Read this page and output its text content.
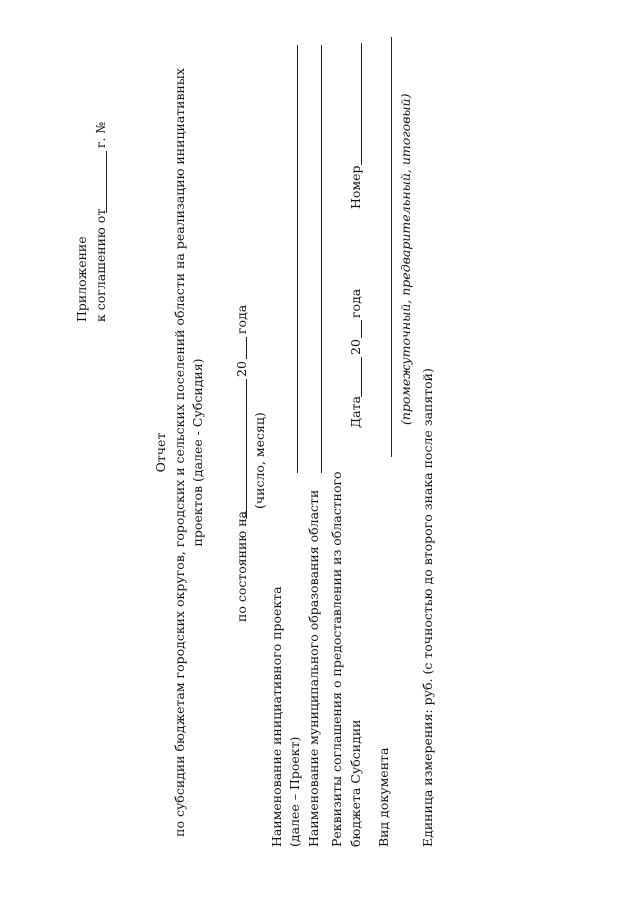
Приложение к соглашению от
г. №
Отчет по субсидии бюджетам городских округов, городских и сельских поселений области на реализацию инициативных проектов (далее - Субсидия)
по состоянию на
20
года
(число, месяц)
Наименование инициативного проекта (далее – Проект) Наименование муниципального образования области Реквизиты соглашения о предоставлении из областного бюджета Субсидии
Дата
20
года
Номер
Вид документа
(промежуточный, предварительный, итоговый)
Единица измерения: руб. (с точностью до второго знака после запятой)
